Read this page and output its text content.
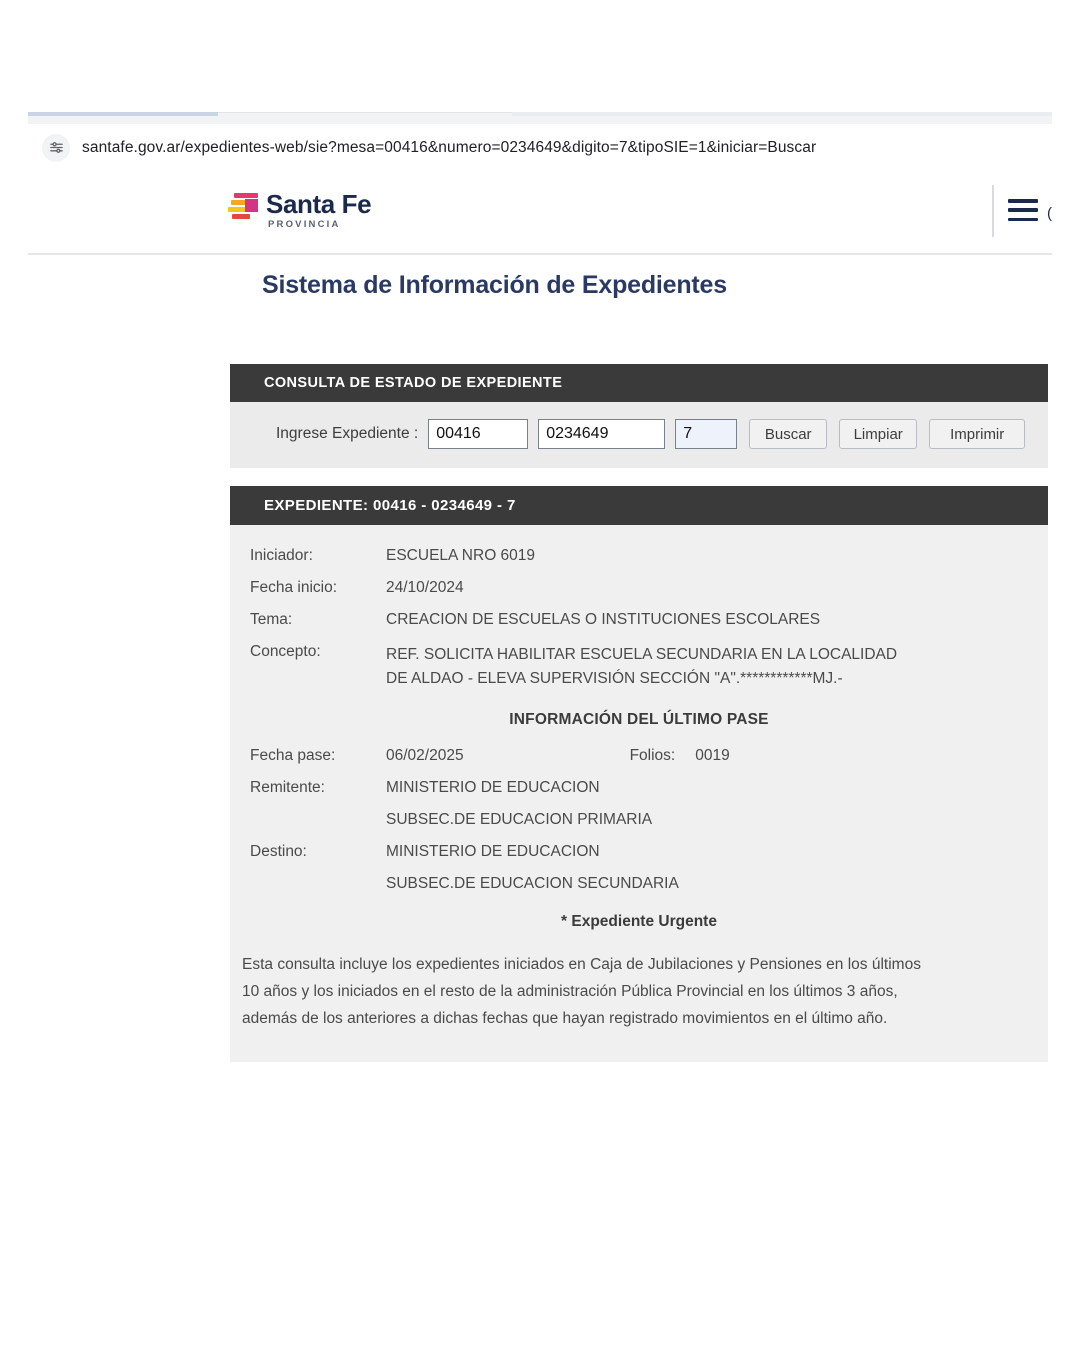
santafe.gov.ar/expedientes-web/sie?mesa=00416&numero=0234649&digito=7&tipoSIE=1&iniciar=Buscar
Santa Fe
PROVINCIA
(
Sistema de Información de Expedientes
CONSULTA DE ESTADO DE EXPEDIENTE
Ingrese Expediente :
00416
0234649
7	Buscar	Limpiar	Imprimir
EXPEDIENTE: 00416 - 0234649 - 7
Iniciador:	ESCUELA NRO 6019
Fecha inicio:	24/10/2024
Tema:	CREACION DE ESCUELAS O INSTITUCIONES ESCOLARES
Concepto:	REF. SOLICITA HABILITAR ESCUELA SECUNDARIA EN LA LOCALIDAD
DE ALDAO - ELEVA SUPERVISIÓN SECCIÓN "A".************MJ.-
INFORMACIÓN DEL ÚLTIMO PASE
Fecha pase:	06/02/2025	Folios: 0019
Remitente:	MINISTERIO DE EDUCACION
SUBSEC.DE EDUCACION PRIMARIA
Destino:	MINISTERIO DE EDUCACION
SUBSEC.DE EDUCACION SECUNDARIA
* Expediente Urgente
Esta consulta incluye los expedientes iniciados en Caja de Jubilaciones y Pensiones en los últimos
10 años y los iniciados en el resto de la administración Pública Provincial en los últimos 3 años,
además de los anteriores a dichas fechas que hayan registrado movimientos en el último año.
